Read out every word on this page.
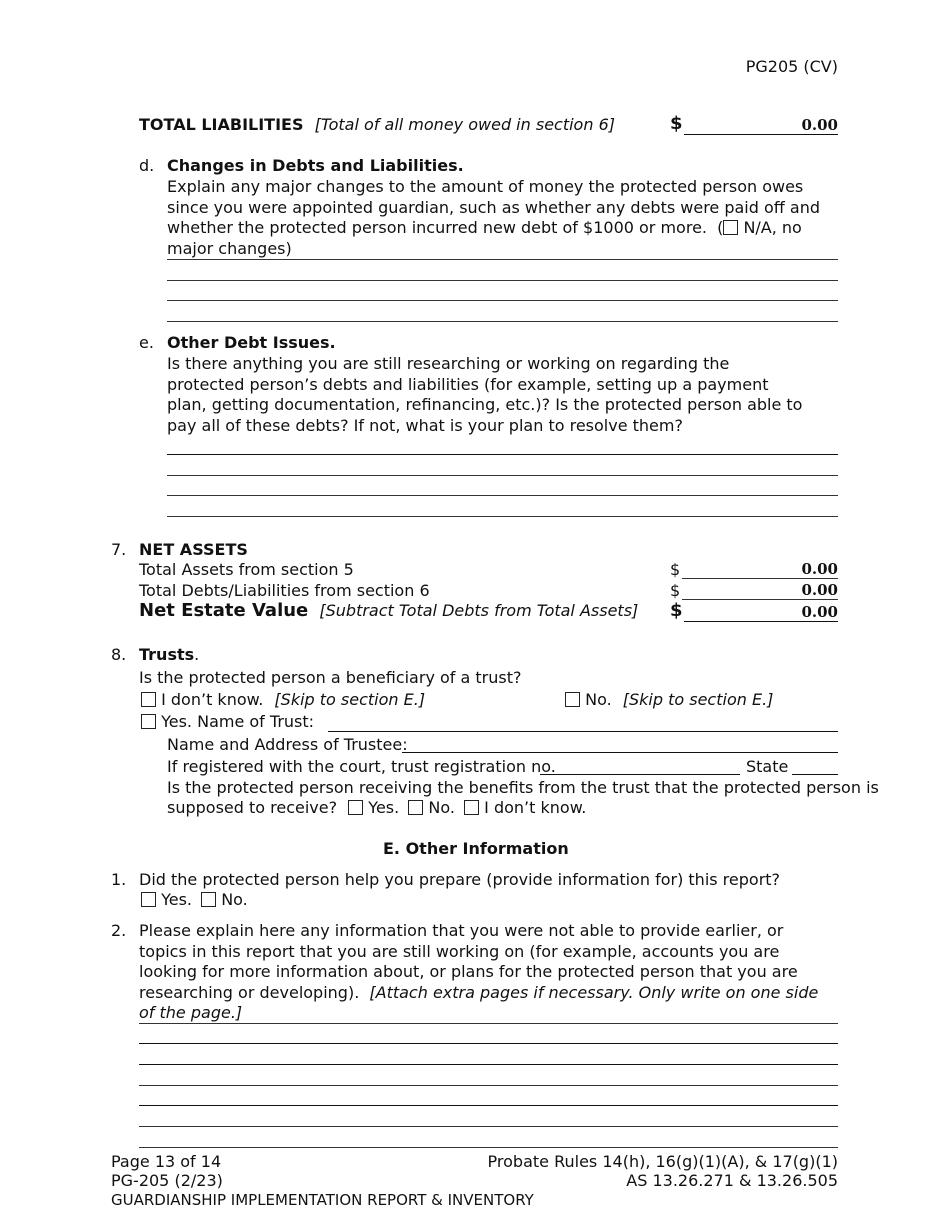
PG205 (CV)
TOTAL LIABILITIES [Total of all money owed in section 6]	$	0.00
d. Changes in Debts and Liabilities.
Explain any major changes to the amount of money the protected person owes since you were appointed guardian, such as whether any debts were paid off and whether the protected person incurred new debt of $1000 or more. ( N/A, no major changes)
e. Other Debt Issues.
Is there anything you are still researching or working on regarding the protected person’s debts and liabilities (for example, setting up a payment plan, getting documentation, refinancing, etc.)? Is the protected person able to pay all of these debts? If not, what is your plan to resolve them?
7. NET ASSETS
Total Assets from section 5	$	0.00
Total Debts/Liabilities from section 6	$	0.00
Net Estate Value [Subtract Total Debts from Total Assets] $	0.00
8. Trusts.
Is the protected person a beneficiary of a trust?
I don’t know. [Skip to section E.]	No. [Skip to section E.]
Yes. Name of Trust:
Name and Address of Trustee:
If registered with the court, trust registration no.	State
Is the protected person receiving the benefits from the trust that the protected person is
supposed to receive? Yes. No. I don’t know.
E. Other Information
1. Did the protected person help you prepare (provide information for) this report?
Yes. No.
2. Please explain here any information that you were not able to provide earlier, or topics in this report that you are still working on (for example, accounts you are looking for more information about, or plans for the protected person that you are researching or developing). [Attach extra pages if necessary. Only write on one side of the page.]
Page 13 of 14
PG-205 (2/23)
GUARDIANSHIP IMPLEMENTATION REPORT & INVENTORY
Probate Rules 14(h), 16(g)(1)(A), & 17(g)(1)
AS 13.26.271 & 13.26.505
